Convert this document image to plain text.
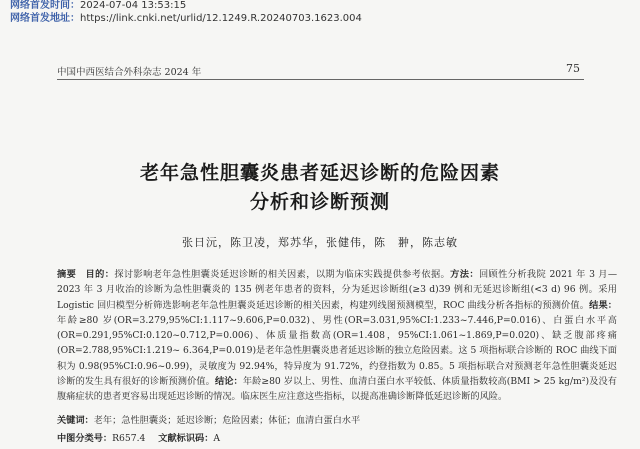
网络首发时间：2024-07-04 13:53:15
网络首发地址：https://link.cnki.net/urlid/12.1249.R.20240703.1623.004
中国中西医结合外科杂志 2024 年	75
老年急性胆囊炎患者延迟诊断的危险因素
分析和诊断预测
张日沅，陈卫凌，郑苏华，张健伟，陈　翀，陈志敏
摘要 目的：探讨影响老年急性胆囊炎延迟诊断的相关因素，以期为临床实践提供参考依据。方法：回顾性分析我院 2021 年 3 月—2023 年 3 月收治的诊断为急性胆囊炎的 135 例老年患者的资料，分为延迟诊断组(≥3 d)39 例和无延迟诊断组(<3 d) 96 例。采用 Logistic 回归模型分析筛选影响老年急性胆囊炎延迟诊断的相关因素，构建列线图预测模型，ROC 曲线分析各指标的预测价值。结果：年龄≥80 岁(OR=3.279,95%CI:1.117~9.606,P=0.032)、男性(OR=3.031,95%CI:1.233~7.446,P=0.016)、白蛋白水平高(OR=0.291,95%CI:0.120~0.712,P=0.006)、体质量指数高(OR=1.408，95%CI:1.061~1.869,P=0.020)、缺乏腹部疼痛(OR=2.788,95%CI:1.219~ 6.364,P=0.019)是老年急性胆囊炎患者延迟诊断的独立危险因素。这 5 项指标联合诊断的 ROC 曲线下面积为 0.98(95%CI:0.96~0.99)，灵敏度为 92.94%，特异度为 91.72%，约登指数为 0.85。5 项指标联合对预测老年急性胆囊炎延迟诊断的发生具有很好的诊断预测价值。结论：年龄≥80 岁以上、男性、血清白蛋白水平较低、体质量指数较高(BMI > 25 kg/m²)及没有腹痛症状的患者更容易出现延迟诊断的情况。临床医生应注意这些指标，以提高准确诊断降低延迟诊断的风险。
关键词：老年；急性胆囊炎；延迟诊断；危险因素；体征；血清白蛋白水平
中图分类号：R657.4 文献标识码：A
